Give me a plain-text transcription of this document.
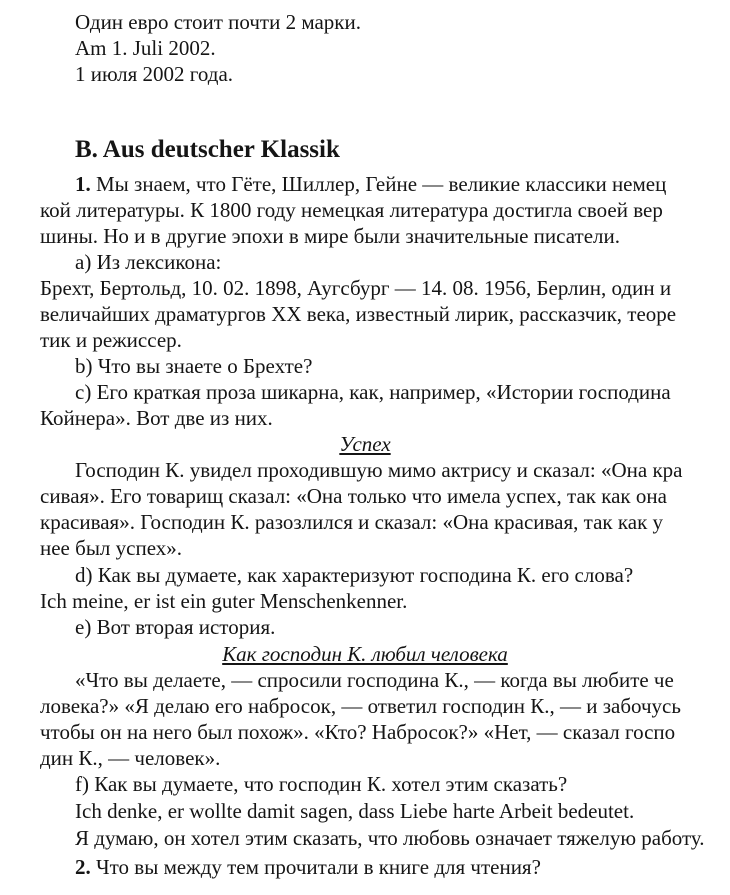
Один евро стоит почти 2 марки.
Am 1. Juli 2002.
1 июля 2002 года.
B. Aus deutscher Klassik
1. Мы знаем, что Гёте, Шиллер, Гейне — великие классики немец
кой литературы. К 1800 году немецкая литература достигла своей вер
шины. Но и в другие эпохи в мире были значительные писатели.
a) Из лексикона:
Брехт, Бертольд, 10. 02. 1898, Аугсбург — 14. 08. 1956, Берлин, один и
величайших драматургов XX века, известный лирик, рассказчик, теоре
тик и режиссер.
b) Что вы знаете о Брехте?
c) Его краткая проза шикарна, как, например, «Истории господина
Койнера». Вот две из них.
Успех
Господин К. увидел проходившую мимо актрису и сказал: «Она кра
сивая». Его товарищ сказал: «Она только что имела успех, так как она
красивая». Господин К. разозлился и сказал: «Она красивая, так как у
нее был успех».
d) Как вы думаете, как характеризуют господина К. его слова?
Ich meine, er ist ein guter Menschenkenner.
e) Вот вторая история.
Как господин К. любил человека
«Что вы делаете, — спросили господина К., — когда вы любите че
ловека?» «Я делаю его набросок, — ответил господин К., — и забочусь
чтобы он на него был похож». «Кто? Набросок?» «Нет, — сказал госпо
дин К., — человек».
f) Как вы думаете, что господин К. хотел этим сказать?
Ich denke, er wollte damit sagen, dass Liebe harte Arbeit bedeutet.
Я думаю, он хотел этим сказать, что любовь означает тяжелую работу.
2. Что вы между тем прочитали в книге для чтения?
